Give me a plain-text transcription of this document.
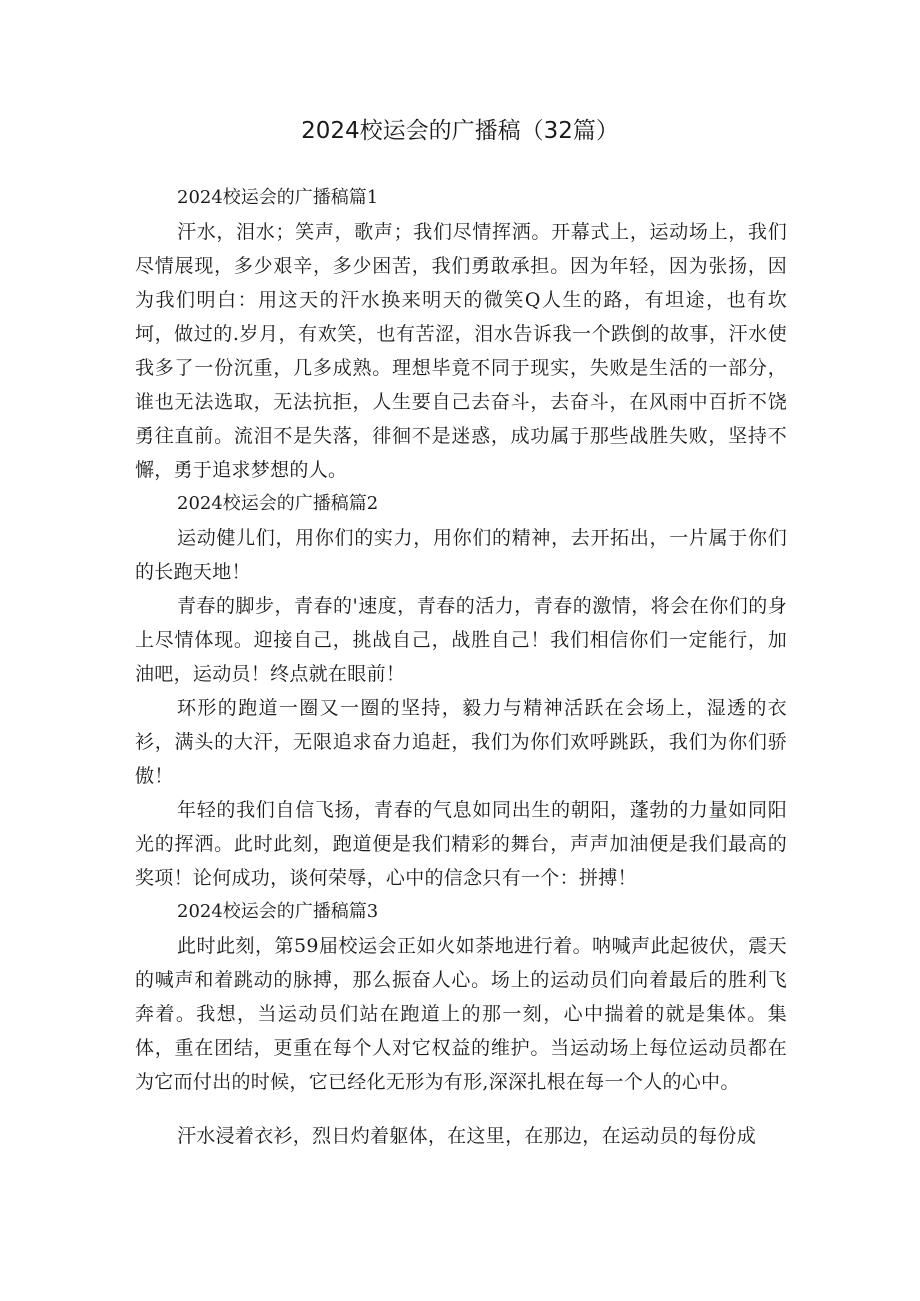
2024校运会的广播稿（32篇）

2024校运会的广播稿篇1

汗水，泪水；笑声，歌声；我们尽情挥洒。开幕式上，运动场上，我们尽情展现，多少艰辛，多少困苦，我们勇敢承担。因为年轻，因为张扬，因为我们明白：用这天的汗水换来明天的微笑Q人生的路，有坦途，也有坎坷，做过的.岁月，有欢笑，也有苦涩，泪水告诉我一个跌倒的故事，汗水使我多了一份沉重，几多成熟。理想毕竟不同于现实，失败是生活的一部分，谁也无法选取，无法抗拒，人生要自己去奋斗，去奋斗，在风雨中百折不饶勇往直前。流泪不是失落，徘徊不是迷惑，成功属于那些战胜失败，坚持不懈，勇于追求梦想的人。

2024校运会的广播稿篇2

运动健儿们，用你们的实力，用你们的精神，去开拓出，一片属于你们的长跑天地！

青春的脚步，青春的'速度，青春的活力，青春的激情，将会在你们的身上尽情体现。迎接自己，挑战自己，战胜自己！我们相信你们一定能行，加油吧，运动员！终点就在眼前！

环形的跑道一圈又一圈的坚持，毅力与精神活跃在会场上，湿透的衣衫，满头的大汗，无限追求奋力追赶，我们为你们欢呼跳跃，我们为你们骄傲！

年轻的我们自信飞扬，青春的气息如同出生的朝阳，蓬勃的力量如同阳光的挥洒。此时此刻，跑道便是我们精彩的舞台，声声加油便是我们最高的奖项！论何成功，谈何荣辱，心中的信念只有一个：拼搏！

2024校运会的广播稿篇3

此时此刻，第59届校运会正如火如荼地进行着。呐喊声此起彼伏，震天的喊声和着跳动的脉搏，那么振奋人心。场上的运动员们向着最后的胜利飞奔着。我想，当运动员们站在跑道上的那一刻，心中揣着的就是集体。集体，重在团结，更重在每个人对它权益的维护。当运动场上每位运动员都在为它而付出的时候，它已经化无形为有形,深深扎根在每一个人的心中。

汗水浸着衣衫，烈日灼着躯体，在这里，在那边，在运动员的每份成
